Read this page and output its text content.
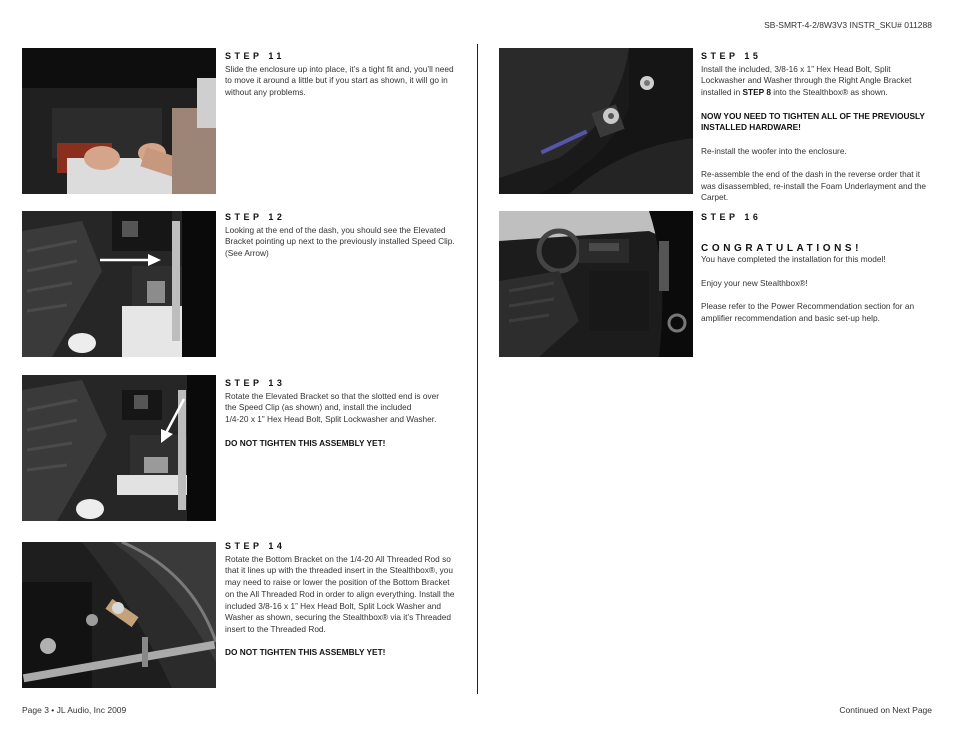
SB-SMRT-4-2/8W3V3 INSTR_SKU# 011288
STEP 11

Slide the enclosure up into place, it’s a tight fit and, you’ll need to move it around a little but if you start as shown, it will go in without any problems.

STEP 12

Looking at the end of the dash, you should see the Elevated Bracket pointing up next to the previously installed Speed Clip. (See Arrow)

STEP 13

Rotate the Elevated Bracket so that the slotted end is over
the Speed Clip (as shown) and, install the included
1/4-20 x 1” Hex Head Bolt, Split Lockwasher and Washer.

DO NOT TIGHTEN THIS ASSEMBLY YET!

STEP 14

Rotate the Bottom Bracket on the 1/4-20 All Threaded Rod so that it lines up with the threaded insert in the Stealthbox®, you may need to raise or lower the position of the Bottom Bracket on the All Threaded Rod in order to align everything. Install the included 3/8-16 x 1” Hex Head Bolt, Split Lock Washer and Washer as shown, securing the Stealthbox® via it’s Threaded insert to the Threaded Rod.

DO NOT TIGHTEN THIS ASSEMBLY YET!

STEP 15

Install the included, 3/8-16 x 1” Hex Head Bolt, Split Lockwasher and Washer through the Right Angle Bracket installed in STEP 8 into the Stealthbox® as shown.

NOW YOU NEED TO TIGHTEN ALL OF THE PREVIOUSLY INSTALLED HARDWARE!

Re-install the woofer into the enclosure.

Re-assemble the end of the dash in the reverse order that it was disassembled, re-install the Foam Underlayment and the Carpet.

STEP 16
CONGRATULATIONS!

You have completed the installation for this model!

Enjoy your new Stealthbox®!

Please refer to the Power Recommendation section for an amplifier recommendation and basic set-up help.

Page 3 • JL Audio, Inc 2009	Continued on Next Page
